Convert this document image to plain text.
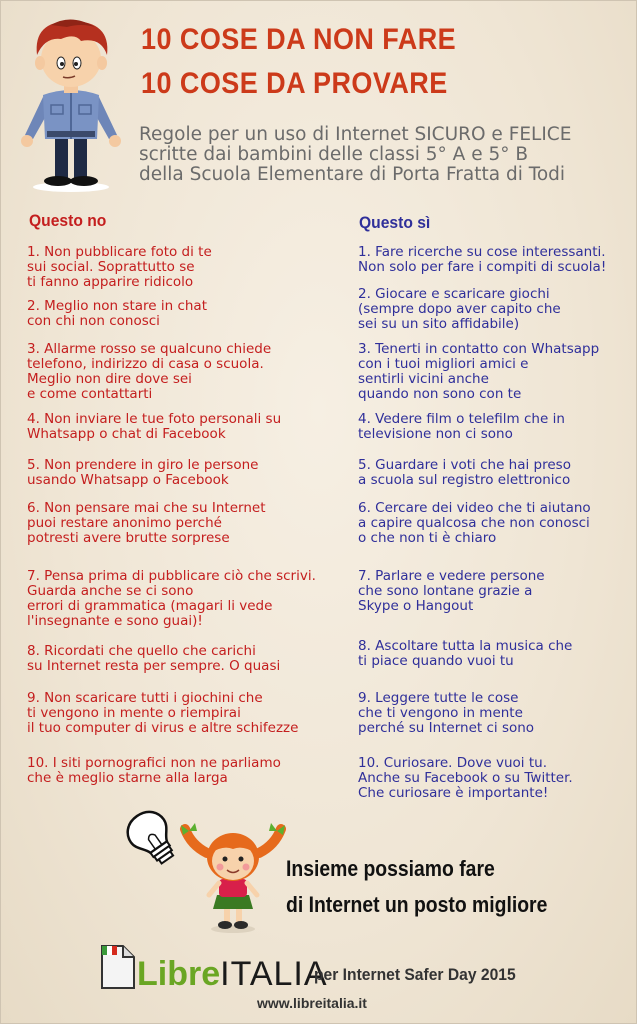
10 COSE DA NON FARE
10 COSE DA PROVARE
Regole per un uso di Internet SICURO e FELICE
scritte dai bambini delle classi 5° A e 5° B
della Scuola Elementare di Porta Fratta di Todi
Questo no	Questo sì
1. Non pubblicare foto di te
sui social. Soprattutto se
ti fanno apparire ridicolo
2. Meglio non stare in chat
con chi non conosci
3. Allarme rosso se qualcuno chiede
telefono, indirizzo di casa o scuola.
Meglio non dire dove sei
e come contattarti
4. Non inviare le tue foto personali su
Whatsapp o chat di Facebook
5. Non prendere in giro le persone
usando Whatsapp o Facebook
6. Non pensare mai che su Internet
puoi restare anonimo perché
potresti avere brutte sorprese
7. Pensa prima di pubblicare ciò che scrivi.
Guarda anche se ci sono
errori di grammatica (magari li vede
l'insegnante e sono guai)!
8. Ricordati che quello che carichi
su Internet resta per sempre. O quasi
9. Non scaricare tutti i giochini che
ti vengono in mente o riempirai
il tuo computer di virus e altre schifezze
10. I siti pornografici non ne parliamo
che è meglio starne alla larga
1. Fare ricerche su cose interessanti.
Non solo per fare i compiti di scuola!
2. Giocare e scaricare giochi
(sempre dopo aver capito che
sei su un sito affidabile)
3. Tenerti in contatto con Whatsapp
con i tuoi migliori amici e
sentirli vicini anche
quando non sono con te
4. Vedere film o telefilm che in
televisione non ci sono
5. Guardare i voti che hai preso
a scuola sul registro elettronico
6. Cercare dei video che ti aiutano
a capire qualcosa che non conosci
o che non ti è chiaro
7. Parlare e vedere persone
che sono lontane grazie a
Skype o Hangout
8. Ascoltare tutta la musica che
ti piace quando vuoi tu
9. Leggere tutte le cose
che ti vengono in mente
perché su Internet ci sono
10. Curiosare. Dove vuoi tu.
Anche su Facebook o su Twitter.
Che curiosare è importante!
Insieme possiamo fare
di Internet un posto migliore
LibreITALIA
per Internet Safer Day 2015
www.libreitalia.it
